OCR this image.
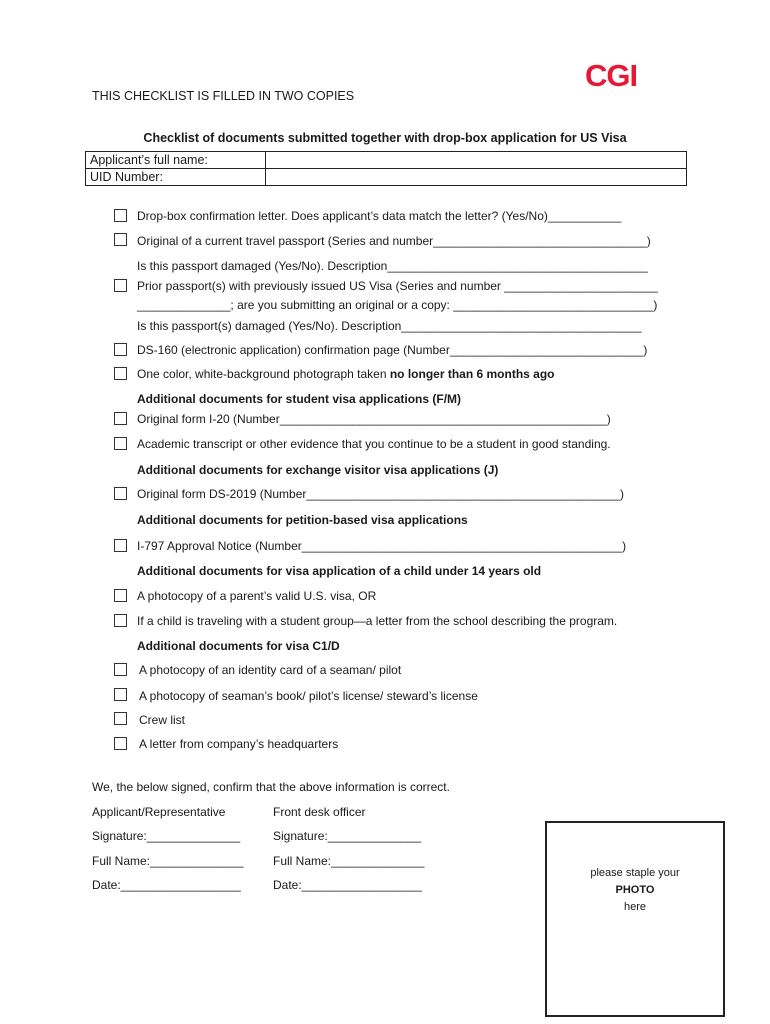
CGI
THIS CHECKLIST IS FILLED IN TWO COPIES
Checklist of documents submitted together with drop-box application for US Visa
Applicant’s full name:	
UID Number:	
Drop-box confirmation letter. Does applicant’s data match the letter? (Yes/No)___________
Original of a current travel passport (Series and number________________________________)
Is this passport damaged (Yes/No). Description_______________________________________
Prior passport(s) with previously issued US Visa (Series and number _______________________
______________; are you submitting an original or a copy: ______________________________)
Is this passport(s) damaged (Yes/No). Description____________________________________
DS-160 (electronic application) confirmation page (Number_____________________________)
One color, white-background photograph taken no longer than 6 months ago
Additional documents for student visa applications (F/M)
Original form I-20 (Number_________________________________________________)
Academic transcript or other evidence that you continue to be a student in good standing.
Additional documents for exchange visitor visa applications (J)
Original form DS-2019 (Number_______________________________________________)
Additional documents for petition-based visa applications
I-797 Approval Notice (Number________________________________________________)
Additional documents for visa application of a child under 14 years old
A photocopy of a parent’s valid U.S. visa, OR
If a child is traveling with a student group—a letter from the school describing the program.
Additional documents for visa C1/D
A photocopy of an identity card of a seaman/ pilot
A photocopy of seaman’s book/ pilot’s license/ steward’s license
Crew list
A letter from company’s headquarters
We, the below signed, confirm that the above information is correct.
Applicant/Representative
Signature:______________
Full Name:______________
Date:__________________
Front desk officer
Signature:______________
Full Name:______________
Date:__________________
please staple your
PHOTO
here
